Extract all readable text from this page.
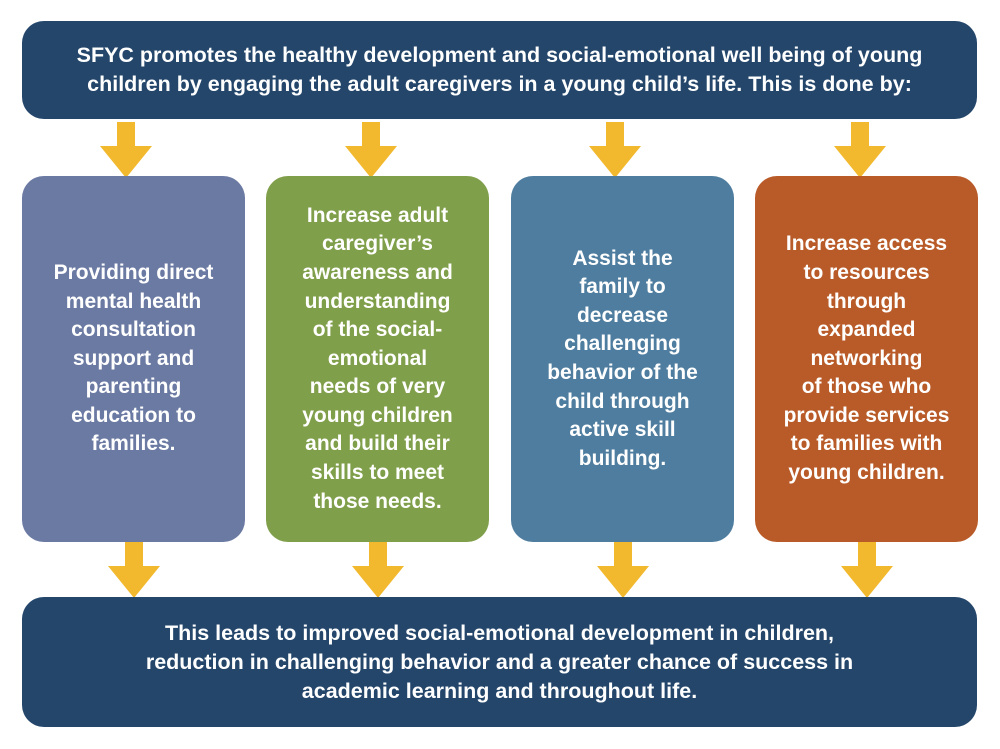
SFYC promotes the healthy development and social-emotional well being of young children by engaging the adult caregivers in a young child’s life. This is done by:
Providing direct
mental health
consultation
support and
parenting
education to
families.
Increase adult
caregiver’s
awareness and
understanding
of the social-
emotional
needs of very
young children
and build their
skills to meet
those needs.
Assist the
family to
decrease
challenging
behavior of the
child through
active skill
building.
Increase access
to resources
through
expanded
networking
of those who
provide services
to families with
young children.
This leads to improved social-emotional development in children, reduction in challenging behavior and a greater chance of success in academic learning and throughout life.
